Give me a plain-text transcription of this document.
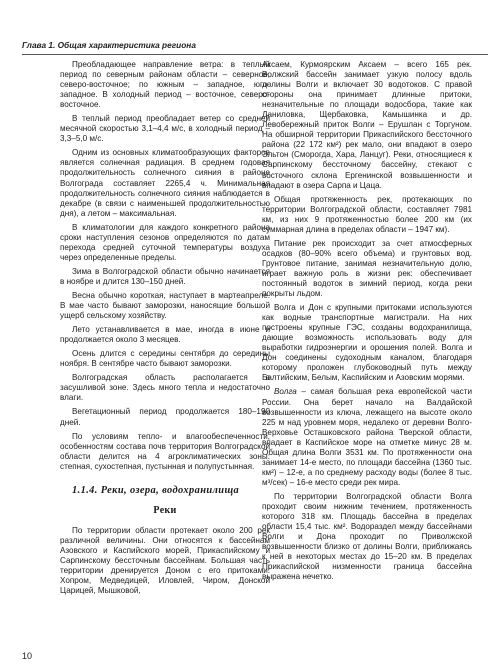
Глава 1. Общая характеристика региона

Преобладающее направление ветра: в теплый период по северным районам области – северное, северо-восточное; по южным – западное, юго-западное. В холодный период – восточное, северо-восточное.

В теплый период преобладает ветер со средней месячной скоростью 3,1–4,4 м/с, в холодный период – 3,3–5,0 м/с.

Одним из основных климатообразующих факторов является солнечная радиация. В среднем годовая продолжительность солнечного сияния в районе Волгограда составляет 2265,4 ч. Минимальная продолжительность солнечного сияния наблюдается в декабре (в связи с наименьшей продолжительностью дня), а летом – максимальная.

В климатологии для каждого конкретного района сроки наступления сезонов определяются по датам перехода средней суточной температуры воздуха через определенные пределы.

Зима в Волгоградской области обычно начинается в ноябре и длится 130–150 дней.

Весна обычно короткая, наступает в мартеапреле. В мае часто бывают заморозки, наносящие большой ущерб сельскому хозяйству.

Лето устанавливается в мае, иногда в июне и продолжается около 3 месяцев.

Осень длится с середины сентября до середины ноября. В сентябре часто бывают заморозки.

Волгоградская область располагается в засушливой зоне. Здесь много тепла и недостаточно влаги.

Вегетационный период продолжается 180–190 дней.

По условиям тепло- и влагообеспеченности, особенностям состава почв территория Волгоградской области делится на 4 агроклиматических зоны: степная, сухостепная, пустынная и полупустынная.

1.1.4. Реки, озера, водохранилища
Реки

По территории области протекает около 200 рек различной величины. Они относятся к бассейнам Азовского и Каспийского морей, Прикаспийскому и Сарпинскому бессточным бассейнам. Большая часть территории дренируется Доном с его притоками: Хопром, Медведицей, Иловлей, Чиром, Донской Царицей, Мышковой,

Аксаем, Курмоярским Аксаем – всего 165 рек. Волжский бассейн занимает узкую полосу вдоль долины Волги и включает 30 водотоков. С правой стороны она принимает длинные притоки, незначительные по площади водосбора, такие как Даниловка, Щербаковка, Камышинка и др. Левобережный приток Волги – Ерушлан с Торгуном. На обширной территории Прикаспийского бессточного района (22 172 км²) рек мало, они впадают в озеро Эльтон (Сморогда, Хара, Ланцуг). Реки, относящиеся к Сарпинскому бессточному бассейну, стекают с восточного склона Ергенинской возвышенности и впадают в озера Сарпа и Цаца.

Общая протяженность рек, протекающих по территории Волгоградской области, составляет 7981 км, из них 9 протяженностью более 200 км (их суммарная длина в пределах области – 1947 км).

Питание рек происходит за счет атмосферных осадков (80–90% всего объема) и грунтовых вод. Грунтовое питание, занимая незначительную долю, играет важную роль в жизни рек: обеспечивает постоянный водоток в зимний период, когда реки покрыты льдом.

Волга и Дон с крупными притоками используются как водные транспортные магистрали. На них построены крупные ГЭС, созданы водохранилища, дающие возможность использовать воду для выработки гидроэнергии и орошения полей. Волга и Дон соединены судоходным каналом, благодаря которому проложен глубоководный путь между Балтийским, Белым, Каспийским и Азовским морями.

Волга – самая большая река европейской части России. Она берет начало на Валдайской возвышенности из ключа, лежащего на высоте около 225 м над уровнем моря, недалеко от деревни Волго-Верховье Осташковского района Тверской области, впадает в Каспийское море на отметке минус 28 м. Общая длина Волги 3531 км. По протяженности она занимает 14-е место, по площади бассейна (1360 тыс. км²) – 12-е, а по среднему расходу воды (более 8 тыс. м³/сек) – 16-е место среди рек мира.

По территории Волгоградской области Волга проходит своим нижним течением, протяженность которого 318 км. Площадь бассейна в пределах области 15,4 тыс. км². Водораздел между бассейнами Волги и Дона проходит по Приволжской возвышенности близко от долины Волги, приближаясь к ней в некоторых местах до 15–20 км. В пределах Прикаспийской низменности граница бассейна выражена нечетко.

10
